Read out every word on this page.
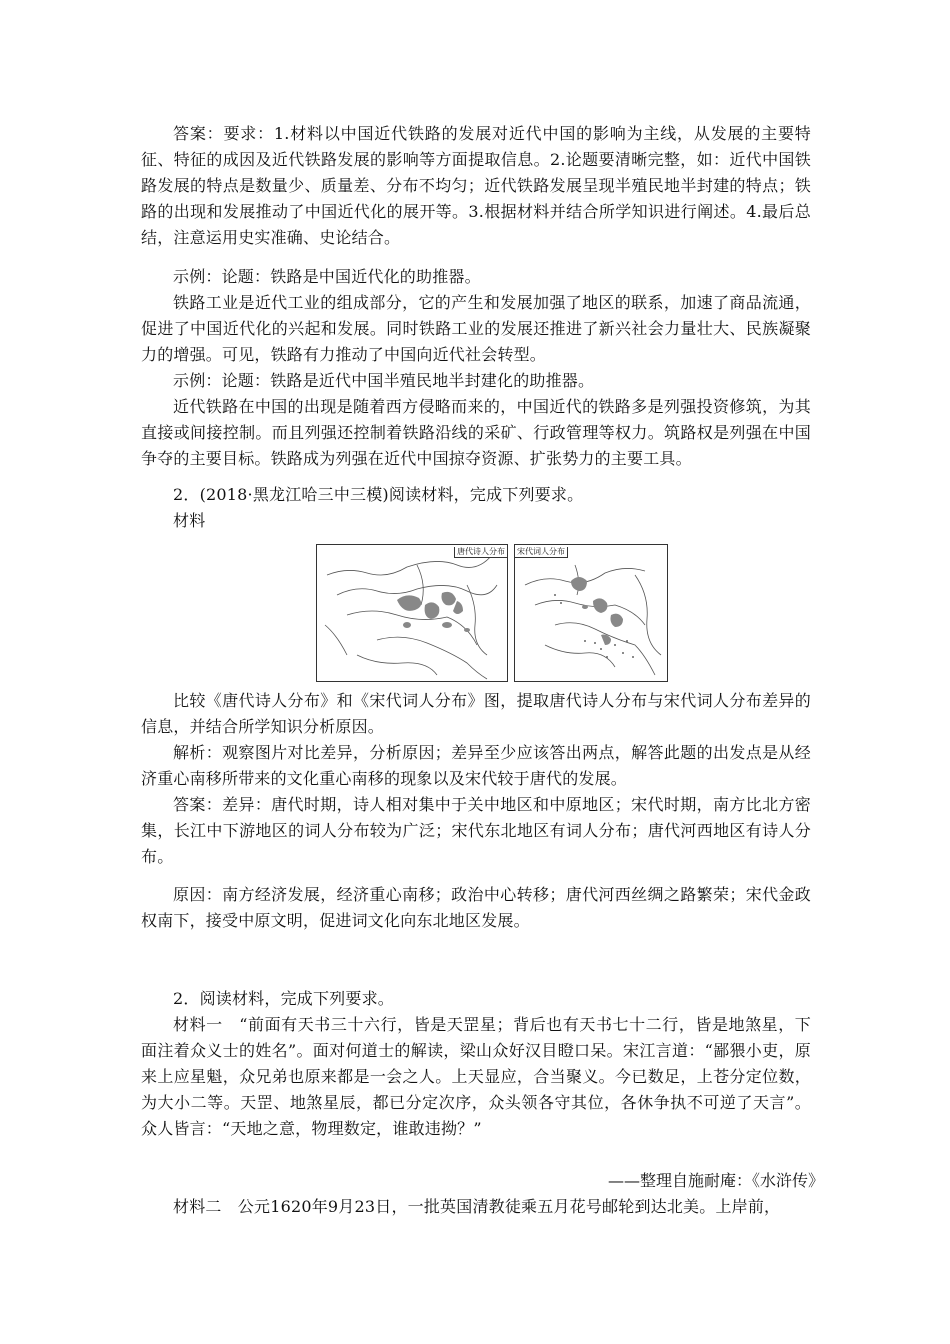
答案：要求：1.材料以中国近代铁路的发展对近代中国的影响为主线，从发展的主要特征、特征的成因及近代铁路发展的影响等方面提取信息。2.论题要清晰完整，如：近代中国铁路发展的特点是数量少、质量差、分布不均匀；近代铁路发展呈现半殖民地半封建的特点；铁路的出现和发展推动了中国近代化的展开等。3.根据材料并结合所学知识进行阐述。4.最后总结，注意运用史实准确、史论结合。

示例：论题：铁路是中国近代化的助推器。

铁路工业是近代工业的组成部分，它的产生和发展加强了地区的联系，加速了商品流通，促进了中国近代化的兴起和发展。同时铁路工业的发展还推进了新兴社会力量壮大、民族凝聚力的增强。可见，铁路有力推动了中国向近代社会转型。

示例：论题：铁路是近代中国半殖民地半封建化的助推器。

近代铁路在中国的出现是随着西方侵略而来的，中国近代的铁路多是列强投资修筑，为其直接或间接控制。而且列强还控制着铁路沿线的采矿、行政管理等权力。筑路权是列强在中国争夺的主要目标。铁路成为列强在近代中国掠夺资源、扩张势力的主要工具。

2．(2018·黑龙江哈三中三模)阅读材料，完成下列要求。

材料

唐代诗人分布 宋代词人分布

比较《唐代诗人分布》和《宋代词人分布》图，提取唐代诗人分布与宋代词人分布差异的信息，并结合所学知识分析原因。

解析：观察图片对比差异，分析原因；差异至少应该答出两点，解答此题的出发点是从经济重心南移所带来的文化重心南移的现象以及宋代较于唐代的发展。

答案：差异：唐代时期，诗人相对集中于关中地区和中原地区；宋代时期，南方比北方密集，长江中下游地区的词人分布较为广泛；宋代东北地区有词人分布；唐代河西地区有诗人分布。

原因：南方经济发展，经济重心南移；政治中心转移；唐代河西丝绸之路繁荣；宋代金政权南下，接受中原文明，促进词文化向东北地区发展。

2．阅读材料，完成下列要求。

材料一　“前面有天书三十六行，皆是天罡星；背后也有天书七十二行，皆是地煞星，下面注着众义士的姓名”。面对何道士的解读，梁山众好汉目瞪口呆。宋江言道：“鄙猥小吏，原来上应星魁，众兄弟也原来都是一会之人。上天显应，合当聚义。今已数足，上苍分定位数，为大小二等。天罡、地煞星辰，都已分定次序，众头领各守其位，各休争执不可逆了天言”。众人皆言：“天地之意，物理数定，谁敢违拗？”

——整理自施耐庵：《水浒传》

材料二　公元1620年9月23日，一批英国清教徒乘五月花号邮轮到达北美。上岸前，
